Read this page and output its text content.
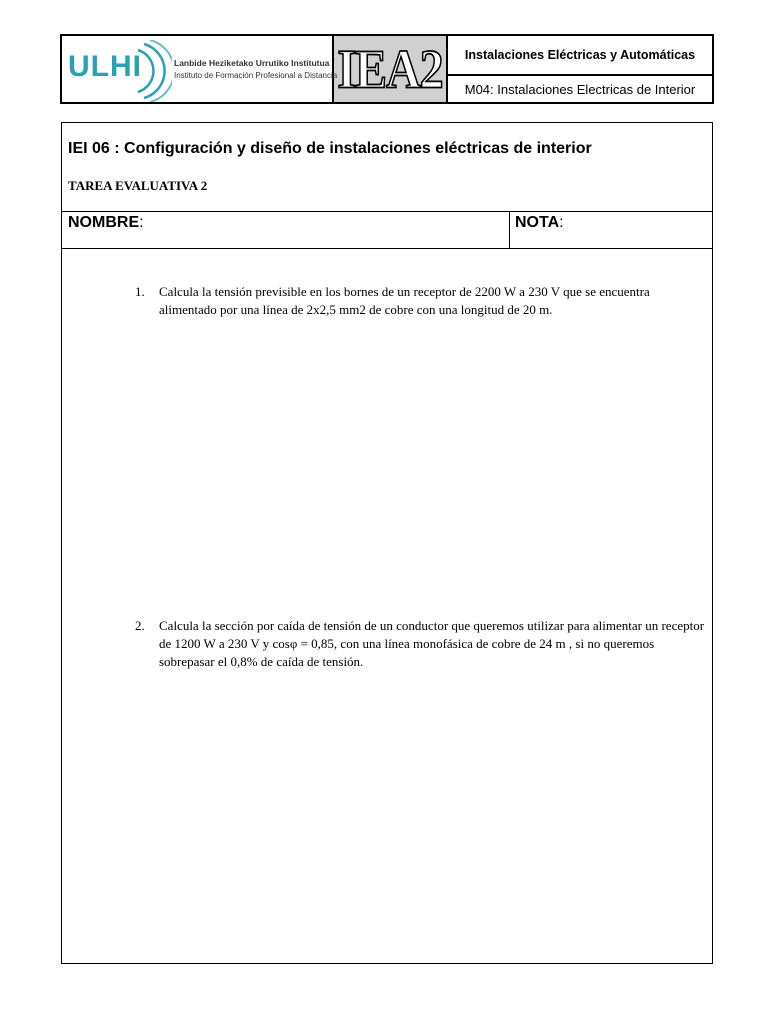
ULHI	Lanbide Heziketako Urrutiko Institutua
Instituto de Formación Profesional a Distancia IEA2	Instalaciones Eléctricas y Automáticas
M04: Instalaciones Electricas de Interior
IEI 06 : Configuración y diseño de instalaciones eléctricas de interior
TAREA EVALUATIVA 2
NOMBRE:	NOTA:
1.	Calcula la tensión previsible en los bornes de un receptor de 2200 W a 230 V que se encuentra alimentado por una línea de 2x2,5 mm2 de cobre con una longitud de 20 m.
2.	Calcula la sección por caída de tensión de un conductor que queremos utilizar para alimentar un receptor de 1200 W a 230 V y cosφ = 0,85, con una línea monofásica de cobre de 24 m , si no queremos sobrepasar el 0,8% de caída de tensión.
